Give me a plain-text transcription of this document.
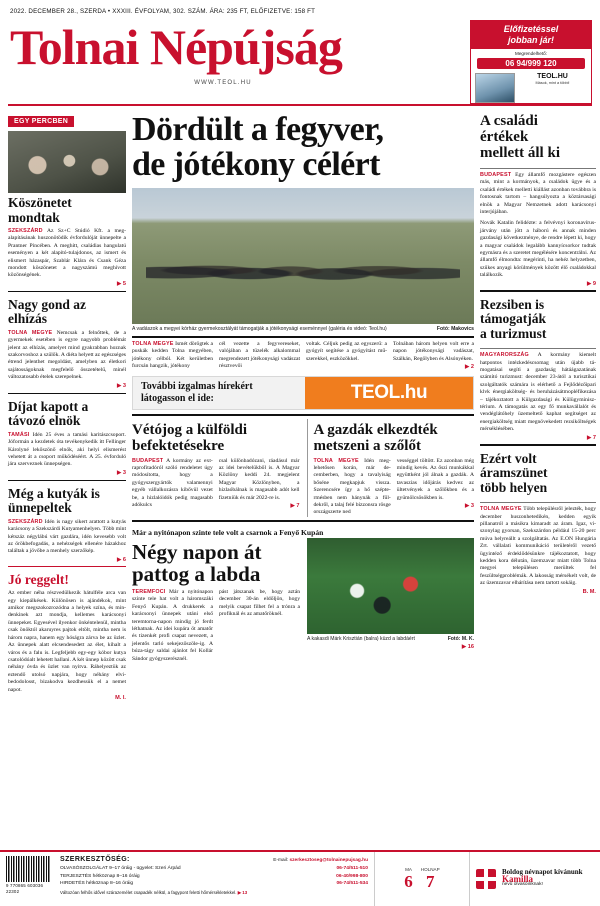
2022. DECEMBER 28., SZERDA • XXXIII. ÉVFOLYAM, 302. SZÁM. ÁRA: 235 FT, ELŐFIZETVE: 158 FT
Tolnai Népújság
WWW.TEOL.HU
Előfizetéssel
jobban jár!
Megrendelhető:
06 94/999 120
TEOL.HU
Mások, mint a többi!
EGY PERCBEN
Köszönetet mondtak

SZEKSZÁRD Az Sz+C Stúdió Kft. a megalapításának huszonötödik évfordulóját ünnepelte a Prantner Pincében. A meghitt, családias hangulatú eseményen a két alapító-tulajdonos, az ismert és elismert házaspár, Szablár Klára és Csank Géza mondott köszönetet a nagyszámú meghívott közönségének.

▶ 5
Nagy gond az elhízás

TOLNA MEGYE Nemcsak a felnőttek, de a gyermekek esetében is egyre nagyobb problémát jelent az elhízás, amelyet mind gyakrabban hoznak szakorvoshoz a szülők. A diéta helyett az egészséges étrend jelenthet megoldást, amelyben az életkori sajátosságoknak megfelelő összetételű, minél változatosabb ételek szerepelnek.

▶ 3
Díjat kapott a távozó elnök

TAMÁSI Idén 25 éves a tamási karitászcsoport. Jóformán a kezdetek óta tevékenykedik itt Fellinger Károlyné lekőszönő elnök, aki helyi elismerést vehetett át a csoport működéséért. A 25. évforduló jára szerveznek ünnepségen.

▶ 3
Még a kutyák is ünnepeltek

SZEKSZÁRD Idén is nagy sikert arattott a kutyás karácsony a Szekszárdi Kutyamenhelyen. Több mint kétszáz négylábú várt gazdára, idén kevesebb volt az örökbefogadás, a nehézségek ellenére házakhoz találtak a jövőbe a menhely szerzőkép.

▶ 6
Jó reggelt!

Az ember néha részvedülkezik hátulféle arca van egy kiepálkések. Különösen is ajándékok, mint amikor megszokozrozódna a helyek szína, és mindenkinek azt mondja, kellemes karácsonyi ünnepeket. Egyesével ilyenkor önkéntelenül, mintha csak önöktól akaruyres pajtok eltölt, mintha nem is három napra, hanem egy hóságra zárva be az üzlet. Az ünnepek alatt elcsendesedett az élet, kihalt a város és a falu is. Legfeljebb egy-egy kóbor kutya csatolódóalt lehetett hallani. A két ünnep között csak néhány óvda és üzlet van nyitva. Ráhelyeztük az eztendő utolsó napjára, hogy néhány elvibedodolosst, bizakodva kezdhessük el a nemet napot.

M. I.
Dördült a fegyver,
de jótékony célért
A vadászok a megyei kórház gyermekosztályát támogatják a jótékonysági eseménnyel (galéria és videó: Teol.hu)	Fotó: Makovics

TOLNA MEGYE Ismét dörögtek a puskák kedden Tolna megyében, jótékony célból. Két kerületben furcsán hangzik, jótékony

cél vezette a fegyvereseket, valójában a tüzelék alkalommal megrendezett jótékonysági vadászat résztvevői

voltak. Céljuk pedig az egyszerű: a gyógyít segítése a gyógyítást műszerekkel, eszközökkel.

Tolnában három helyen volt erre a napon jótékonysági vadászat, Szálkán, Regölyben és Alsónyéken.

▶ 2
További izgalmas hírekért
látogasson el ide:	TEOL.hu
Vétójog a külföldi befektetésekre

BUDAPEST A kormány az extraprofitadóról szóló rendeletet úgy módosította, hogy a gyógyszergyártók valamennyi egyéb vállalkozásra kibővül vezet be, a hizlalóidók pedig magasabb adókulcs

csal különbadózani, ráadásul már az idei bevételükből is. A Magyar Közlöny keddi 24. megjelent Magyar Közlönyben, a hizlaóbálnak is magasabb adót kell fizetniük és már 2022-re is.

▶ 7
A gazdák elkezdték metszeni a szőlőt

TOLNA MEGYE Idén meglehetősen korán, már decemberben, hogy a tavalyiság bőséne megkapjuk vissza. Szerencsére így a hő széptermésben nem hánynák a fűldekről, a talaj felé bízzonsra rösge országszerte ned

vességgel töltött. Ez azonban még mindig kevés. Az őszi munkákkal együttként jól álnak a gazdák. A tavaszias időjárás kedvez az ültetvények a szőlőkben és a gyümölcsösökben is.

▶ 3
Már a nyitónapon szinte tele volt a csarnok a Fenyő Kupán
Négy napon át
pattog a labda

TEREMFOCI Már a nyitónapon szinte tele hat volt a háromszáki Fenyő Kupán. A drukkerek a karácsonyi ünnepek utáni első teremtorna-napon mindig jó ferdt léthatnak. Az idei kupára öt amatőr és tizenkét profi csapat nevezett, a jelentős tarló sekejezőszöle-ig. A búza-tágy saldai ajánlot fel Kollár Sándor gyógyszerésznél.

pást játszanak be, hogy aztán december 30-án eldőljön, hogy melyik csapat filhet fel a trónra a profiknál és az amatőröknél.

A kakasdi Márk Krisztián (balra) küzd a labdáért	Fotó: M. K.
▶ 16
A családi
értékek
mellett áll ki

BUDAPEST Egy államfő mozgástere egészen más, mint a kormányok, a családok ügye és a családi értékek melletti kiállást azonban továbbra is fontosnak tartom – hangsúlyozta a köztársasági elnök a Magyar Nemzetnek adott karácsonyi interjújában.

Novák Katalin felidézte: a felvévnyi koronavírus-járvány után jött a háború és annak minden gazdasági következménye, de rendre lépett ki, hogy a magyar családok legalább kannyícsorkor tudtak egymásra és a szeretet megélésére koncentrálni. Az államfő élmondta: megérinti, ha nehéz helyzetben, szűkes anyagi körülmények között élő családokkal találkozik.

▶ 9
Rezsiben is
támogatják
a turizmust

MAGYARORSZÁG A kormány kiemelt hatpontos intézkedéscsomag után újabb támogatásai segíti a gazdaság hátáágazatának számító turizmust: december 23-ától a turisztikai szolgáltatók számára is elérhető a Fejlődézőipari klvk énergiaköltség- és beruházásátmopléfikezása – tájékoztatott a Külgazdasági és Külügyminisztérium. A támogatás az egy fő munkavállalót és vendéglátóhely üzemeltető kaphat segítséget az energiaköltség miatt megnövekedett rezsiköltségek mérséklésében.

▶ 7
Ezért volt
áramszünet
több helyen

TOLNA MEGYE Több településről jelezték, hogy december huszonhetedikén, kedden egyik pillanatról a másikra kimaradt az áram. Igaz, viszonylag gyorsan, Szekszárdon például 15-20 perc múva helyreállt a szolgáltatás. Az E.ON Hungária Zrt. vállalati kommunikáció területéről vezető ügyintéző érdeklődésünkre tájékoztatott, hogy kedden kora délután, üzemzavar miatt több Tolna megyei településen merültek fel feszültségproblémák. A lakosság mérsékelt volt, de az üzemzavar elhárítása nem tartott sokáig.

B. M.
9 770865 603036
22302
SZERKESZTŐSÉG:	E-mail: szerkesztoseg@tolnainepujsag.hu
06-74/511-510
OLVASÓSZOLGÁLAT 9–17 óráig - ügyelet: Szeri Árpád
06-40/998-800
TERJESZTÉS hétköznap 8–16 óráig
06-74/511-534
HIRDETÉS hétköznap 8–16 óráig
Változóan felhős idővel szárazemélet csapadék nélkül, a fagypont feletti hőmérsékletekkel. ▶ 13
MA
6
HOLNAP
7	Boldog névnapot kívánunk
Kamilla
nevű olvasóinknak!
